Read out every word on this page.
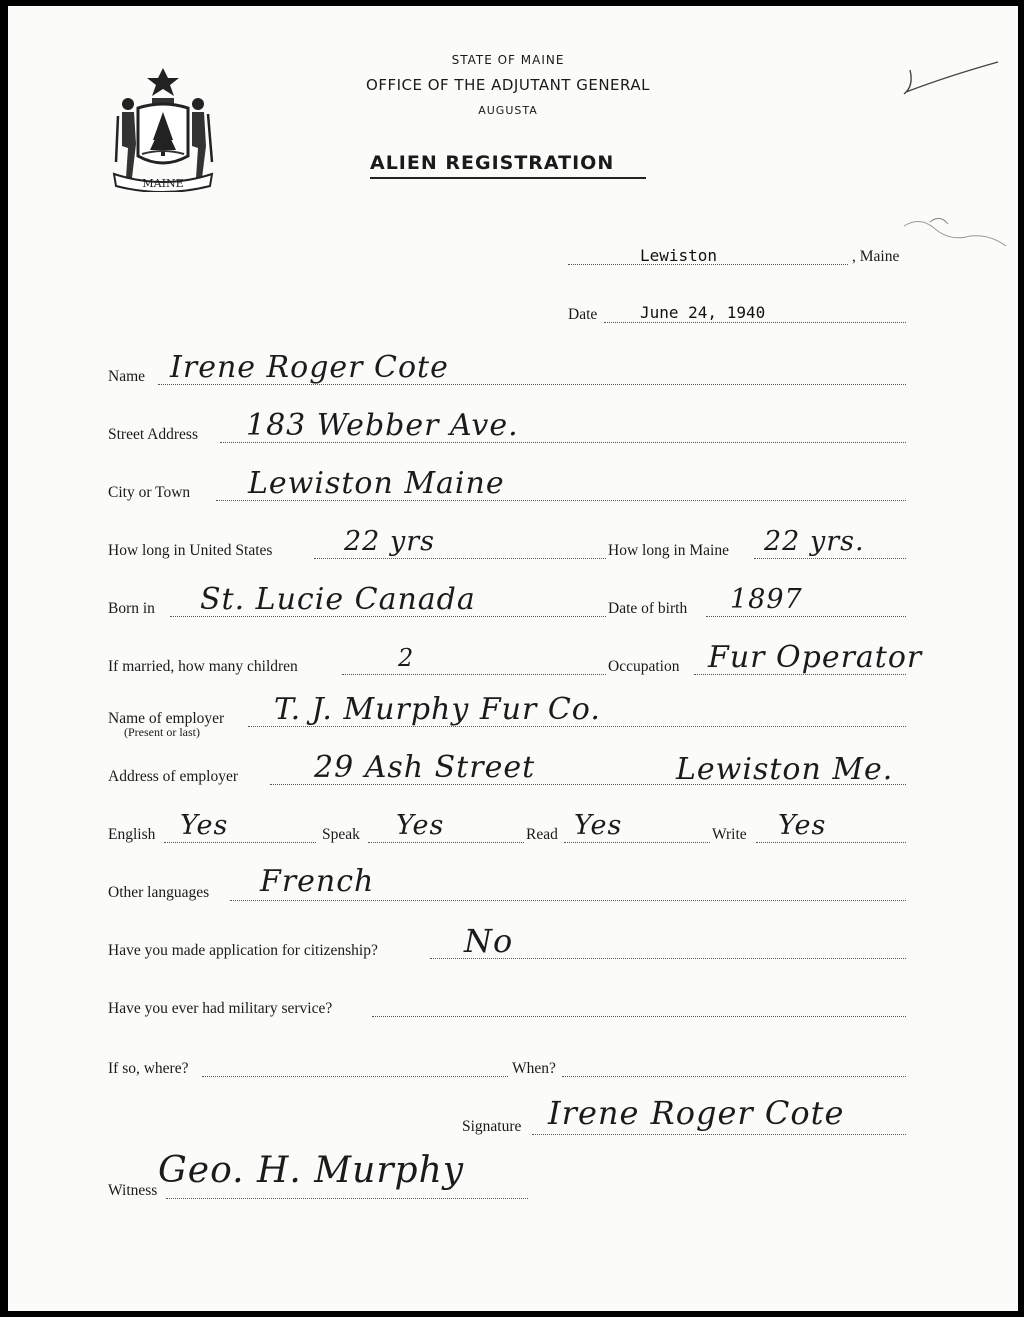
MAINE
STATE OF MAINE
OFFICE OF THE ADJUTANT GENERAL
AUGUSTA
ALIEN REGISTRATION
Lewiston	, Maine
Date	June 24, 1940
Name Irene Roger Cote
Street Address 183 Webber Ave.
City or Town Lewiston Maine
How long in United States	22 yrs	How long in Maine 22 yrs.
Born in St. Lucie Canada	Date of birth 1897
If married, how many children	2	Occupation Fur Operator
Name of employer
(Present or last)
T. J. Murphy Fur Co.
Address of employer	29 Ash Street	Lewiston Me.
English Yes	Speak Yes	Read Yes	Write Yes
Other languages French
Have you made application for citizenship?	No
Have you ever had military service?
If so, where?	When?
Signature Irene Roger Cote
Witness Geo. H. Murphy
